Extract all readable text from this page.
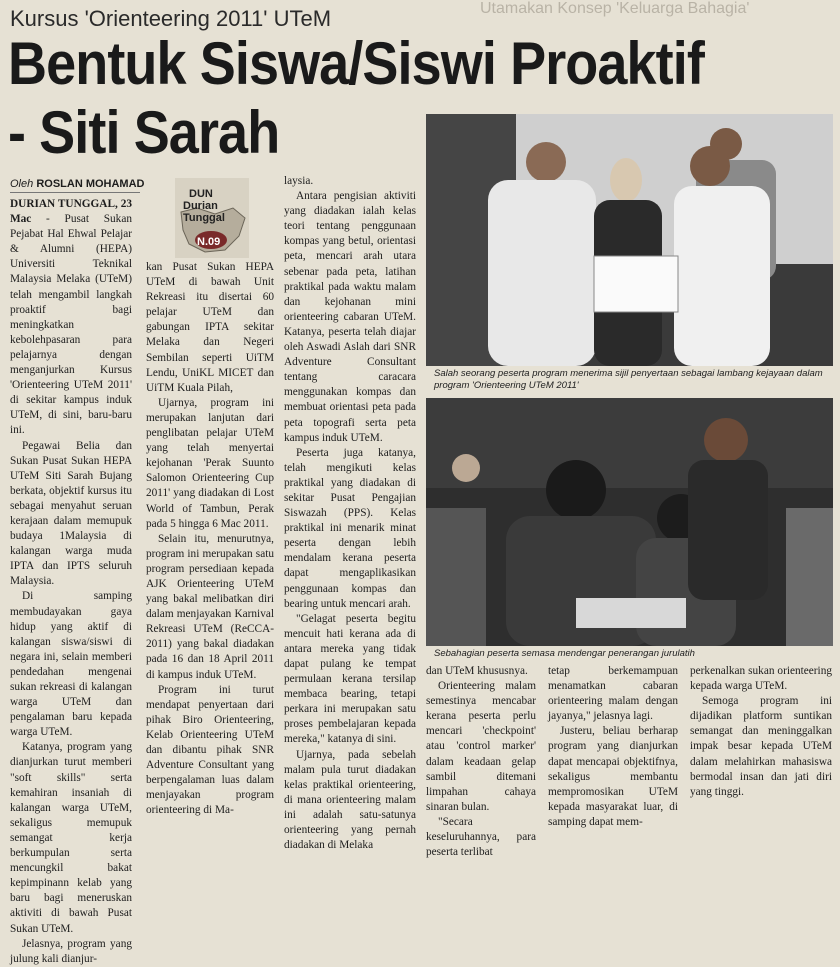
Utamakan Konsep 'Keluarga Bahagia'
Kursus 'Orienteering 2011' UTeM
Bentuk Siswa/Siswi Proaktif
- Siti Sarah
Oleh ROSLAN MOHAMAD
DUN
Durian Tunggal
N.09

DURIAN TUNGGAL, 23 Mac - Pusat Sukan Pejabat Hal Ehwal Pelajar & Alumni (HEPA) Universiti Teknikal Malaysia Melaka (UTeM) telah mengambil langkah proaktif bagi meningkatkan kebolehpasaran para pelajarnya dengan menganjurkan Kursus 'Orienteering UTeM 2011' di sekitar kampus induk UTeM, di sini, baru-baru ini.

Pegawai Belia dan Sukan Pusat Sukan HEPA UTeM Siti Sarah Bujang berkata, objektif kursus itu sebagai menyahut seruan kerajaan dalam memupuk budaya 1Malaysia di kalangan warga muda IPTA dan IPTS seluruh Malaysia.

Di samping membudayakan gaya hidup yang aktif di kalangan siswa/siswi di negara ini, selain memberi pendedahan mengenai sukan rekreasi di kalangan warga UTeM dan pengalaman baru kepada warga UTeM.

Katanya, program yang dianjurkan turut memberi "soft skills" serta kemahiran insaniah di kalangan warga UTeM, sekaligus memupuk semangat kerja berkumpulan serta mencungkil bakat kepimpinann kelab yang baru bagi meneruskan aktiviti di bawah Pusat Sukan UTeM.

Jelasnya, program yang julung kali dianjur-

kan Pusat Sukan HEPA UTeM di bawah Unit Rekreasi itu disertai 60 pelajar UTeM dan gabungan IPTA sekitar Melaka dan Negeri Sembilan seperti UiTM Lendu, UniKL MICET dan UiTM Kuala Pilah,

Ujarnya, program ini merupakan lanjutan dari penglibatan pelajar UTeM yang telah menyertai kejohanan 'Perak Suunto Salomon Orienteering Cup 2011' yang diadakan di Lost World of Tambun, Perak pada 5 hingga 6 Mac 2011.

Selain itu, menurutnya, program ini merupakan satu program persediaan kepada AJK Orienteering UTeM yang bakal melibatkan diri dalam menjayakan Karnival Rekreasi UTeM (ReCCA-2011) yang bakal diadakan pada 16 dan 18 April 2011 di kampus induk UTeM.

Program ini turut mendapat penyertaan dari pihak Biro Orienteering, Kelab Orienteering UTeM dan dibantu pihak SNR Adventure Consultant yang berpengalaman luas dalam menjayakan program orienteering di Ma-

laysia.

Antara pengisian aktiviti yang diadakan ialah kelas teori tentang penggunaan kompas yang betul, orientasi peta, mencari arah utara sebenar pada peta, latihan praktikal pada waktu malam dan kejohanan mini orienteering cabaran UTeM. Katanya, peserta telah diajar oleh Aswadi Aslah dari SNR Adventure Consultant tentang caracara menggunakan kompas dan membuat orientasi peta pada peta topografi serta peta kampus induk UTeM.

Peserta juga katanya, telah mengikuti kelas praktikal yang diadakan di sekitar Pusat Pengajian Siswazah (PPS). Kelas praktikal ini menarik minat peserta dengan lebih mendalam kerana peserta dapat mengaplikasikan penggunaan kompas dan bearing untuk mencari arah.

"Gelagat peserta begitu mencuit hati kerana ada di antara mereka yang tidak dapat pulang ke tempat permulaan kerana tersilap membaca bearing, tetapi perkara ini merupakan satu proses pembelajaran kepada mereka," katanya di sini.

Ujarnya, pada sebelah malam pula turut diadakan kelas praktikal orienteering, di mana orienteering malam ini adalah satu-satunya orienteering yang pernah diadakan di Melaka

Salah seorang peserta program menerima sijil penyertaan sebagai lambang kejayaan dalam program 'Orienteering UTeM 2011'
Sebahagian peserta semasa mendengar penerangan jurulatih

dan UTeM khususnya.

Orienteering malam semestinya mencabar kerana peserta perlu mencari 'checkpoint' atau 'control marker' dalam keadaan gelap sambil ditemani limpahan cahaya sinaran bulan.

"Secara keseluruhannya, para peserta terlibat

tetap berkemampuan menamatkan cabaran orienteering malam dengan jayanya," jelasnya lagi.

Justeru, beliau berharap program yang dianjurkan dapat mencapai objektifnya, sekaligus membantu mempromosikan UTeM kepada masyarakat luar, di samping dapat mem-

perkenalkan sukan orienteering kepada warga UTeM.

Semoga program ini dijadikan platform suntikan semangat dan meninggalkan impak besar kepada UTeM dalam melahirkan mahasiswa bermodal insan dan jati diri yang tinggi.
